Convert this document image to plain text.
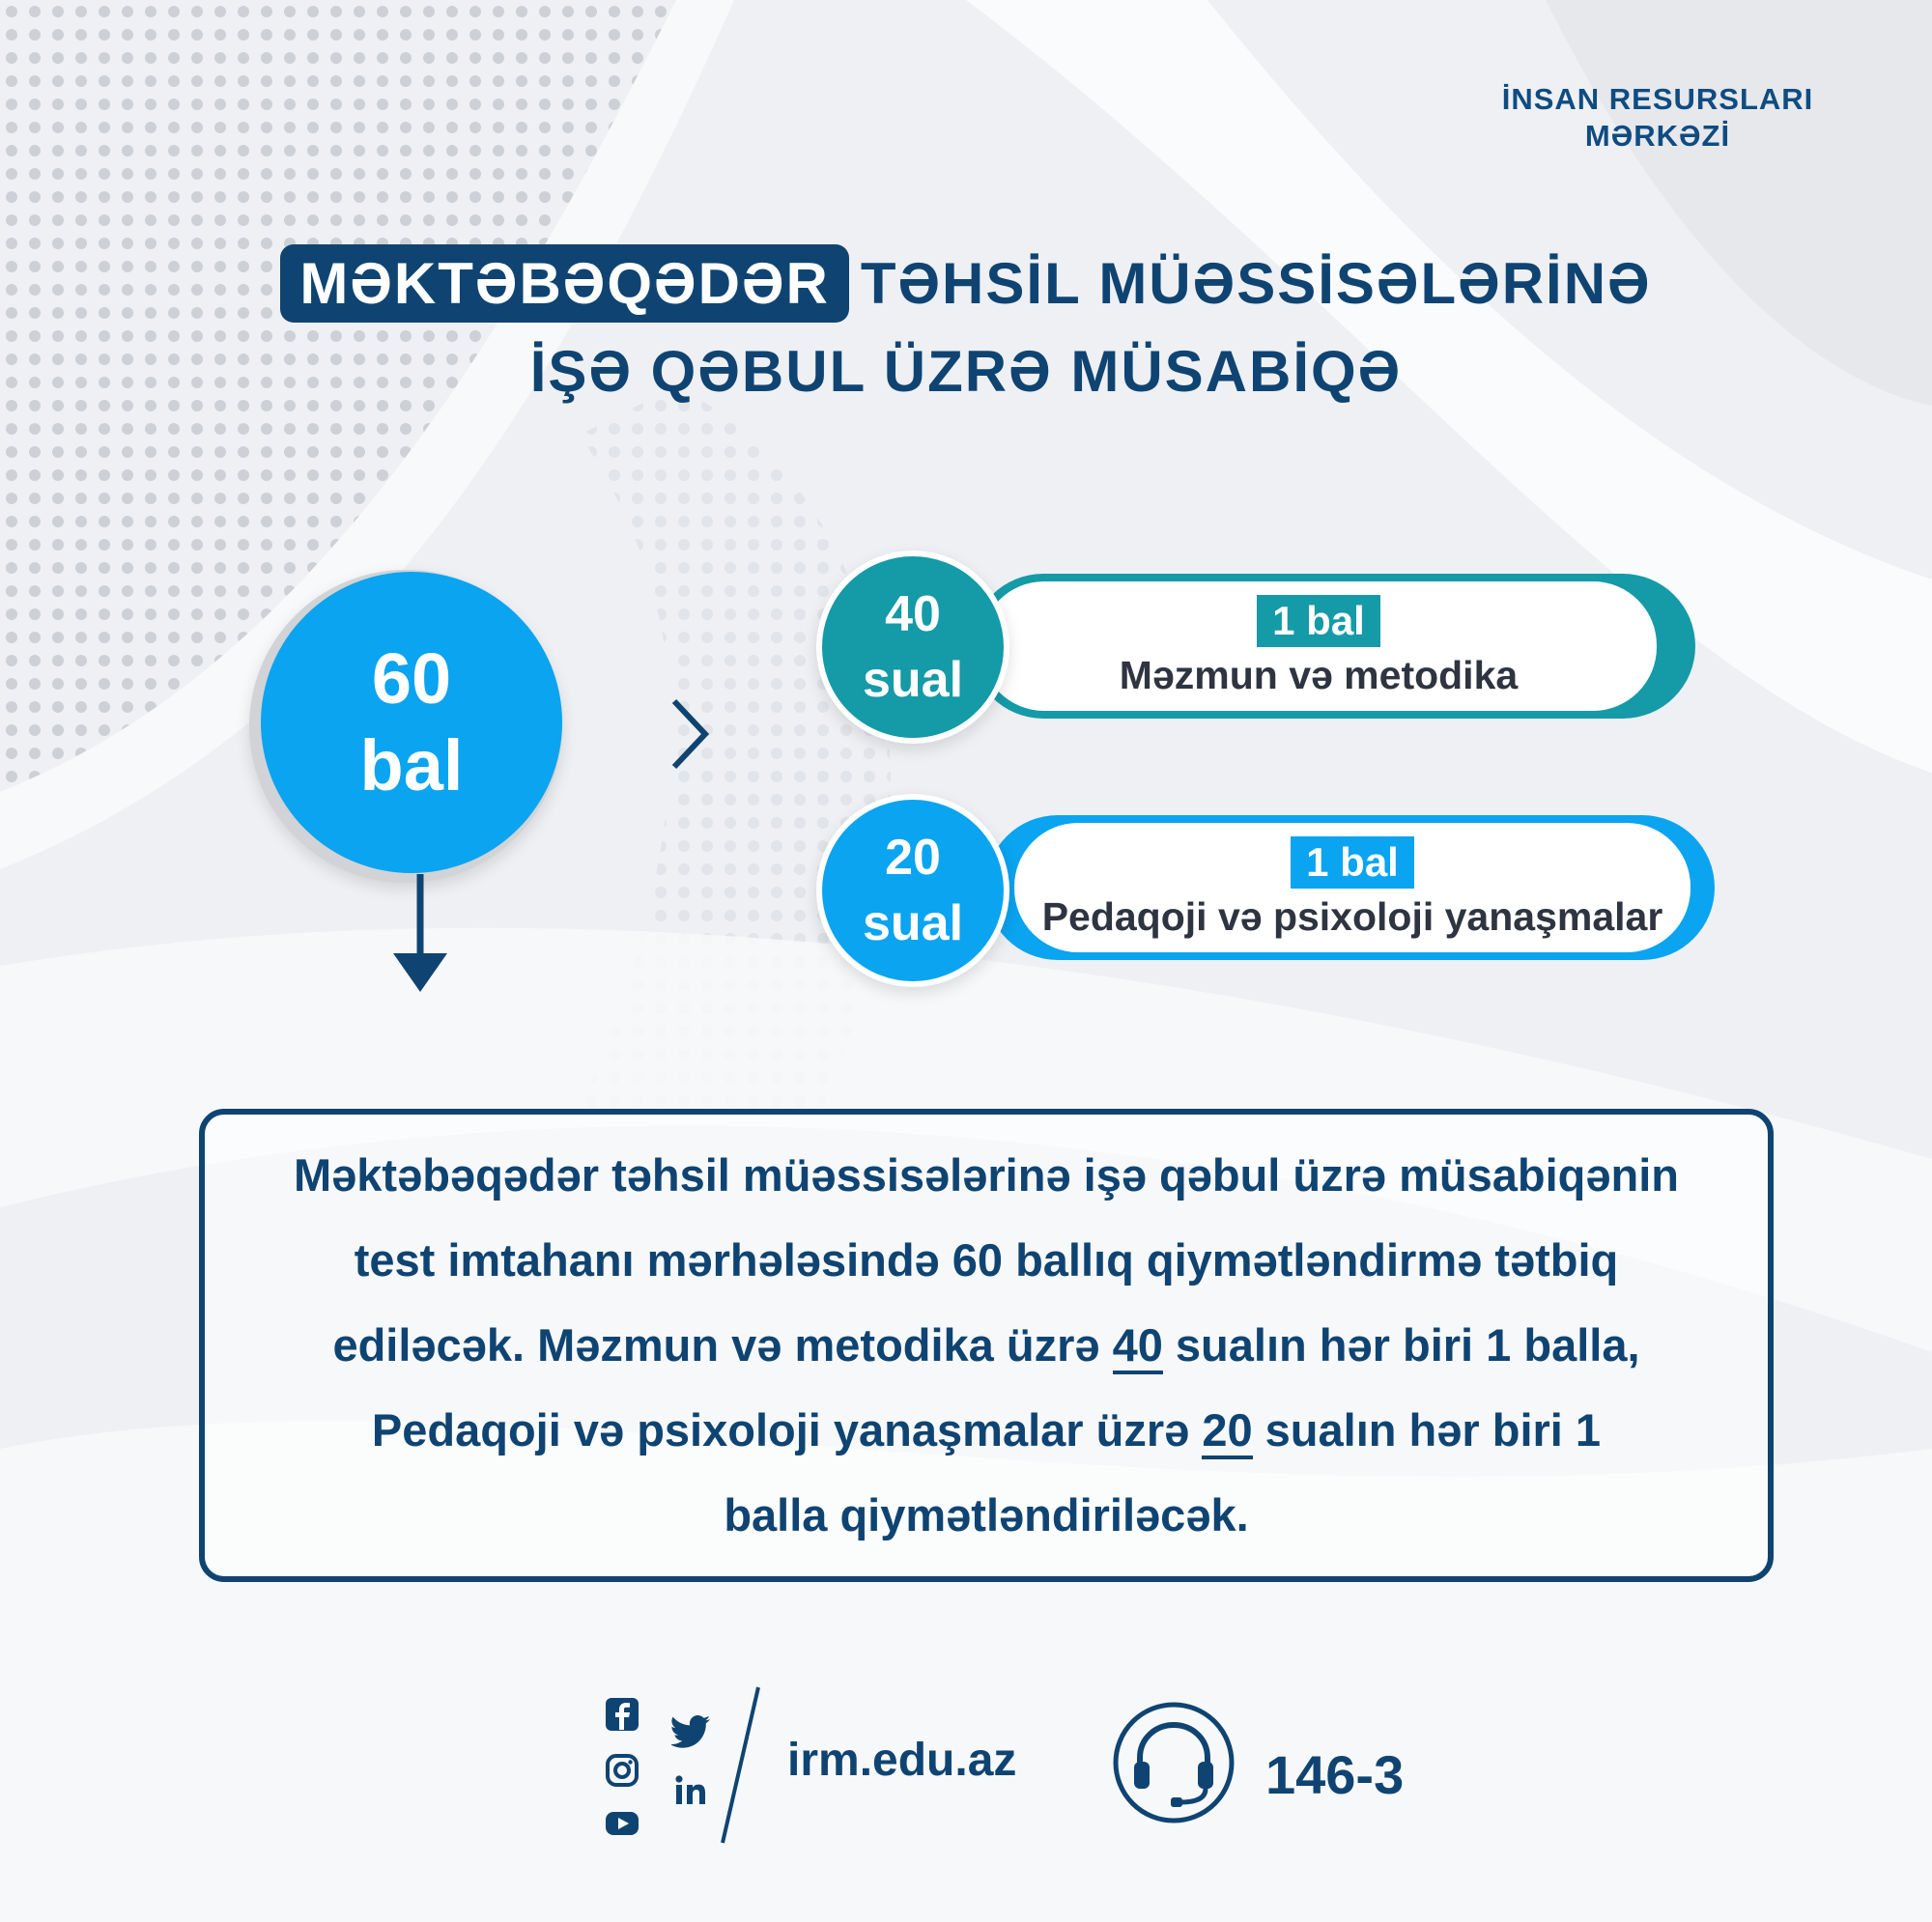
İNSAN RESURSLARI
MƏRKƏZİ
MƏKTƏBƏQƏDƏR TƏHSİL MÜƏSSİSƏLƏRİNƏ
İŞƏ QƏBUL ÜZRƏ MÜSABİQƏ
60
bal
1 bal
Məzmun və metodika
40
sual
1 bal
Pedaqoji və psixoloji yanaşmalar
20
sual
Məktəbəqədər təhsil müəssisələrinə işə qəbul üzrə müsabiqənin
test imtahanı mərhələsində 60 ballıq qiymətləndirmə tətbiq
ediləcək. Məzmun və metodika üzrə 40 sualın hər biri 1 balla,
Pedaqoji və psixoloji yanaşmalar üzrə 20 sualın hər biri 1
balla qiymətləndiriləcək.
irm.edu.az	146-3
